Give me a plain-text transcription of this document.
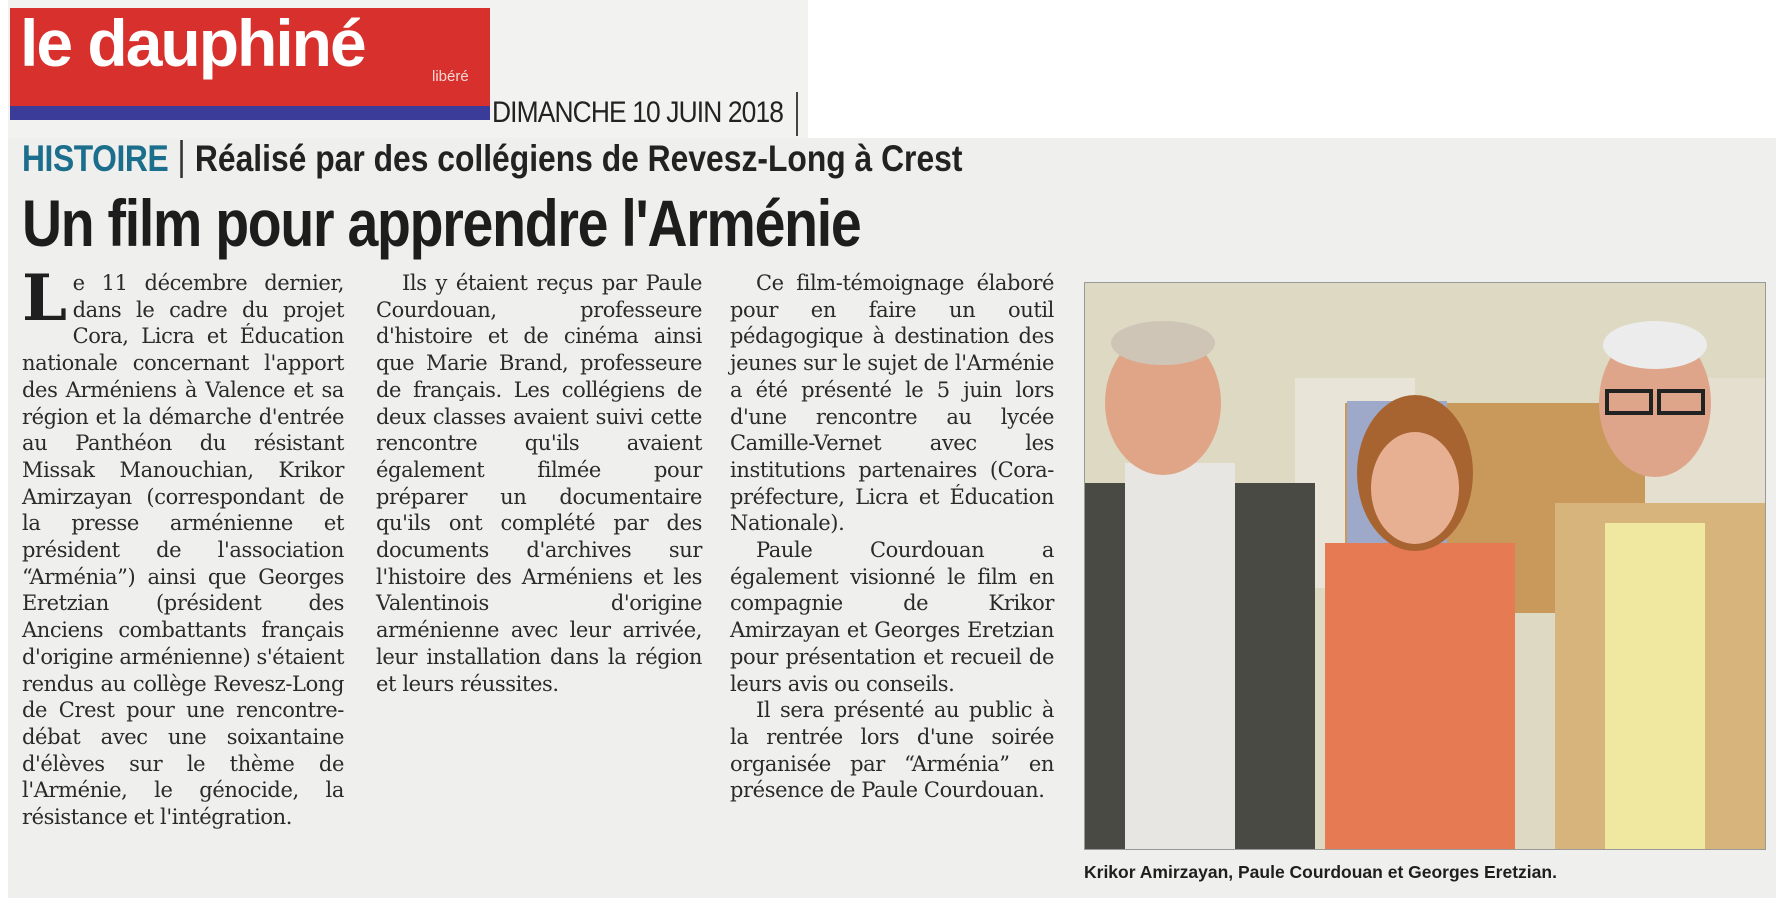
le dauphiné	libéré
DIMANCHE 10 JUIN 2018
HISTOIRE Réalisé par des collégiens de Revesz-Long à Crest
Un film pour apprendre l'Arménie

Le 11 décembre dernier, dans le cadre du projet Cora, Licra et Éducation nationale concernant l'apport des Arméniens à Valence et sa région et la démarche d'entrée au Panthéon du résistant Missak Manouchian, Krikor Amirzayan (correspondant de la presse arménienne et président de l'association “Arménia”) ainsi que Georges Eretzian (président des Anciens combattants français d'origine arménienne) s'étaient rendus au collège Revesz-Long de Crest pour une rencontre-débat avec une soixantaine d'élèves sur le thème de l'Arménie, le génocide, la résistance et l'intégration.

Ils y étaient reçus par Paule Courdouan, professeure d'histoire et de cinéma ainsi que Marie Brand, professeure de français. Les collégiens de deux classes avaient suivi cette rencontre qu'ils avaient également filmée pour préparer un documentaire qu'ils ont complété par des documents d'archives sur l'histoire des Arméniens et les Valentinois d'origine arménienne avec leur arrivée, leur installation dans la région et leurs réussites.

Ce film-témoignage élaboré pour en faire un outil pédagogique à destination des jeunes sur le sujet de l'Arménie a été présenté le 5 juin lors d'une rencontre au lycée Camille-Vernet avec les institutions partenaires (Cora-préfecture, Licra et Éducation Nationale).

Paule Courdouan a également visionné le film en compagnie de Krikor Amirzayan et Georges Eretzian pour présentation et recueil de leurs avis ou conseils.

Il sera présenté au public à la rentrée lors d'une soirée organisée par “Arménia” en présence de Paule Courdouan.

Krikor Amirzayan, Paule Courdouan et Georges Eretzian.
